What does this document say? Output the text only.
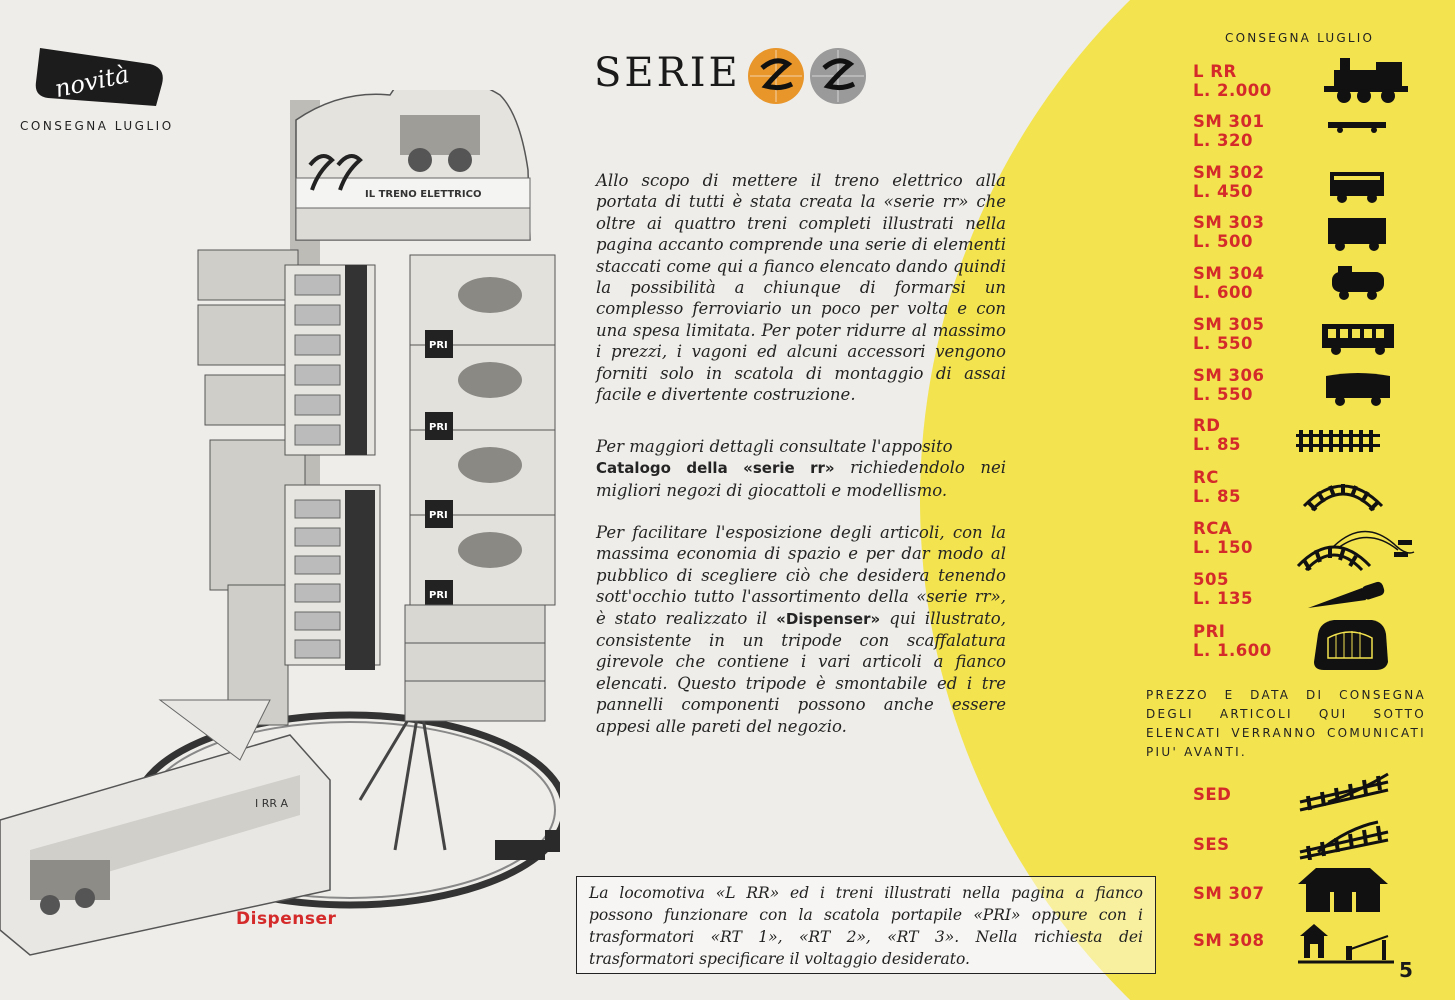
novità
CONSEGNA LUGLIO
SERIE
IL TRENO ELETTRICO
PRI
PRI
PRI
PRI
I RR A
Dispenser

Allo scopo di mettere il treno elettrico alla portata di tutti è stata creata la «serie rr» che oltre ai quattro treni completi illustrati nella pagina accanto comprende una serie di elementi staccati come qui a fianco elencato dando quindi la possibilità a chiunque di formarsi un complesso ferroviario un poco per volta e con una spesa limitata. Per poter ridurre al massimo i prezzi, i vagoni ed alcuni accessori vengono forniti solo in scatola di montaggio di assai facile e divertente costruzione.

Per maggiori dettagli consultate l'apposito
Catalogo della «serie rr» richiedendolo nei migliori negozi di giocattoli e modellismo.

Per facilitare l'esposizione degli articoli, con la massima economia di spazio e per dar modo al pubblico di scegliere ciò che desidera tenendo sott'occhio tutto l'assortimento della «serie rr», è stato realizzato il «Dispenser» qui illustrato, consistente in un tripode con scaffalatura girevole che contiene i vari articoli a fianco elencati. Questo tripode è smontabile ed i tre pannelli componenti possono anche essere appesi alle pareti del negozio.

La locomotiva «L RR» ed i treni illustrati nella pagina a fianco possono funzionare con la scatola portapile «PRI» oppure con i trasformatori «RT 1», «RT 2», «RT 3». Nella richiesta dei trasformatori specificare il voltaggio desiderato.
CONSEGNA LUGLIO
L RR
L. 2.000
SM 301
L. 320
SM 302
L. 450
SM 303
L. 500
SM 304
L. 600
SM 305
L. 550
SM 306
L. 550
RD
L. 85
RC
L. 85
RCA
L. 150
505
L. 135
PRI
L. 1.600
PREZZO E DATA DI CONSEGNA DEGLI ARTICOLI QUI SOTTO ELENCATI VERRANNO COMUNICATI PIU' AVANTI.
SED
SES
SM 307
SM 308
5
